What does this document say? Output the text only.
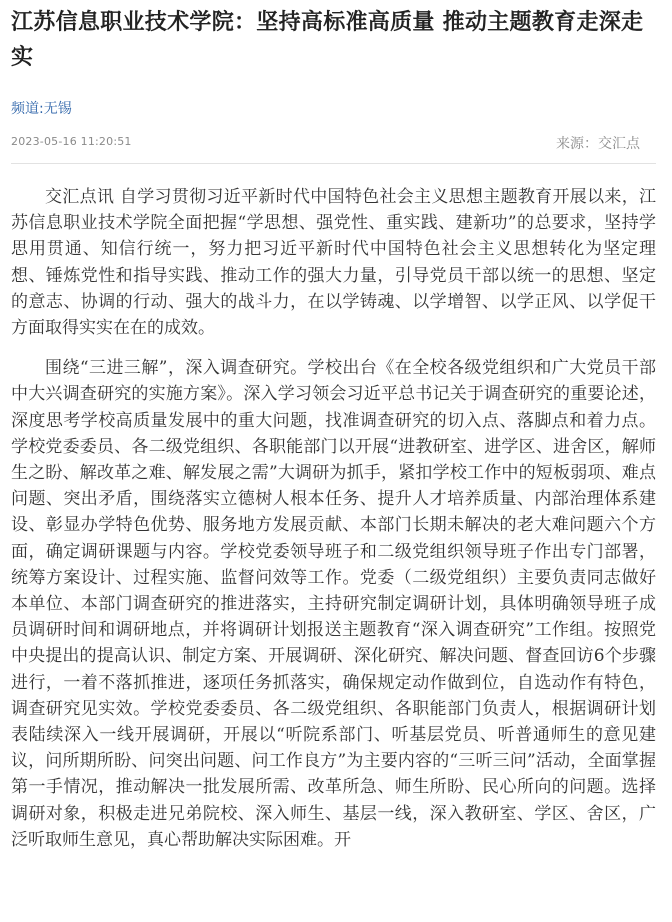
江苏信息职业技术学院：坚持高标准高质量 推动主题教育走深走实
频道:无锡
2023-05-16 11:20:51	来源：交汇点

交汇点讯 自学习贯彻习近平新时代中国特色社会主义思想主题教育开展以来，江苏信息职业技术学院全面把握“学思想、强党性、重实践、建新功”的总要求，坚持学思用贯通、知信行统一，努力把习近平新时代中国特色社会主义思想转化为坚定理想、锤炼党性和指导实践、推动工作的强大力量，引导党员干部以统一的思想、坚定的意志、协调的行动、强大的战斗力，在以学铸魂、以学增智、以学正风、以学促干方面取得实实在在的成效。

围绕“三进三解”，深入调查研究。学校出台《在全校各级党组织和广大党员干部中大兴调查研究的实施方案》。深入学习领会习近平总书记关于调查研究的重要论述，深度思考学校高质量发展中的重大问题，找准调查研究的切入点、落脚点和着力点。学校党委委员、各二级党组织、各职能部门以开展“进教研室、进学区、进舍区，解师生之盼、解改革之难、解发展之需”大调研为抓手，紧扣学校工作中的短板弱项、难点问题、突出矛盾，围绕落实立德树人根本任务、提升人才培养质量、内部治理体系建设、彰显办学特色优势、服务地方发展贡献、本部门长期未解决的老大难问题六个方面，确定调研课题与内容。学校党委领导班子和二级党组织领导班子作出专门部署，统筹方案设计、过程实施、监督问效等工作。党委（二级党组织）主要负责同志做好本单位、本部门调查研究的推进落实，主持研究制定调研计划，具体明确领导班子成员调研时间和调研地点，并将调研计划报送主题教育“深入调查研究”工作组。按照党中央提出的提高认识、制定方案、开展调研、深化研究、解决问题、督查回访6个步骤进行，一着不落抓推进，逐项任务抓落实，确保规定动作做到位，自选动作有特色，调查研究见实效。学校党委委员、各二级党组织、各职能部门负责人，根据调研计划表陆续深入一线开展调研，开展以“听院系部门、听基层党员、听普通师生的意见建议，问所期所盼、问突出问题、问工作良方”为主要内容的“三听三问”活动，全面掌握第一手情况，推动解决一批发展所需、改革所急、师生所盼、民心所向的问题。选择调研对象，积极走进兄弟院校、深入师生、基层一线，深入教研室、学区、舍区，广泛听取师生意见，真心帮助解决实际困难。开
